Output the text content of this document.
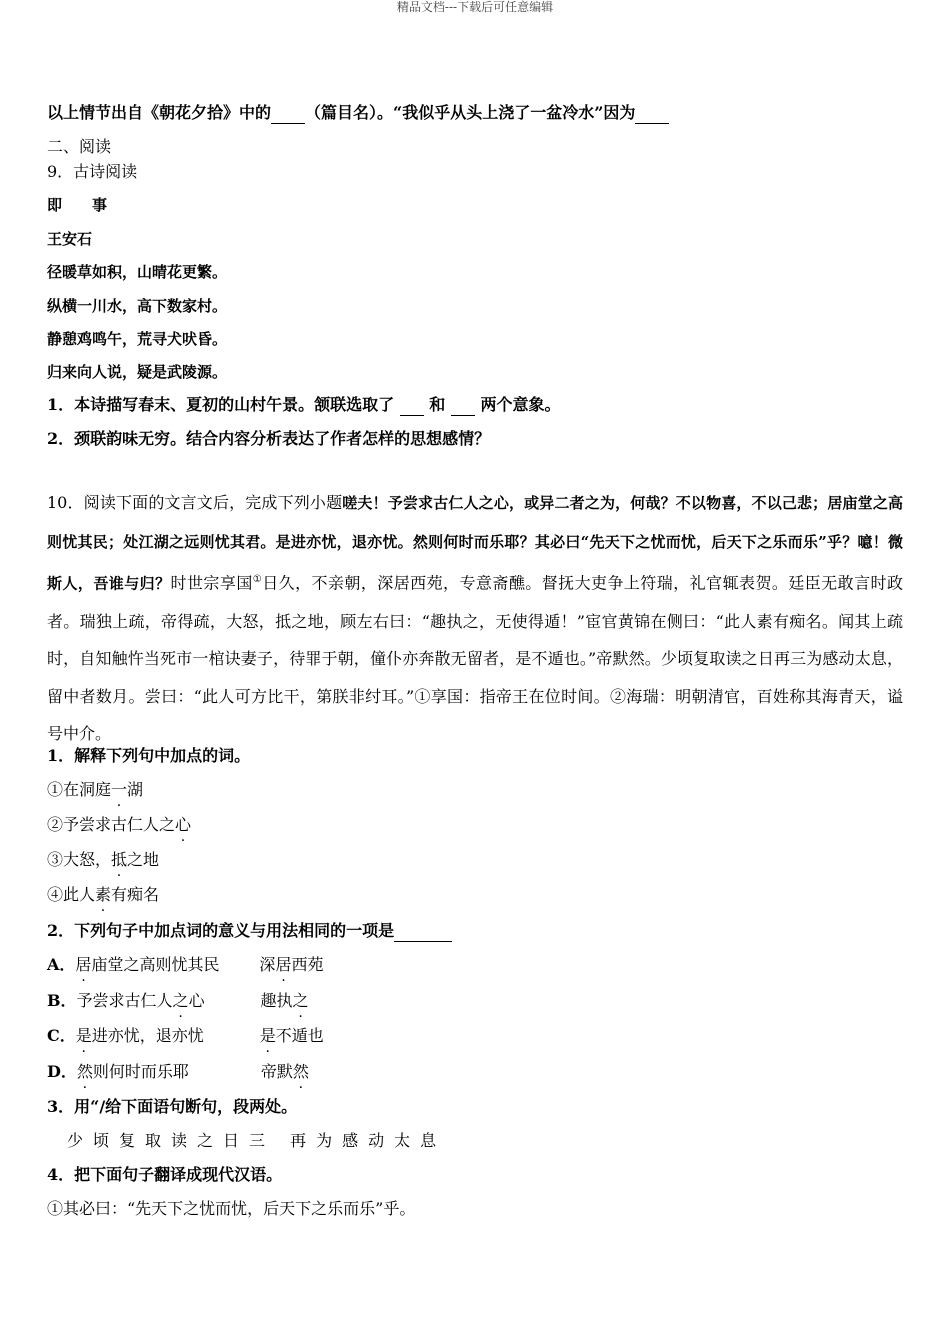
精品文档---下载后可任意编辑
以上情节出自《朝花夕拾》中的 （篇目名）。“我似乎从头上浇了一盆冷水”因为
二、阅读
9．古诗阅读
即　　事
王安石
径暖草如积，山晴花更繁。
纵横一川水，高下数家村。
静憩鸡鸣午，荒寻犬吠昏。
归来向人说，疑是武陵源。
1．本诗描写春末、夏初的山村午景。颔联选取了   和   两个意象。
2．颈联韵味无穷。结合内容分析表达了作者怎样的思想感情？
10．阅读下面的文言文后，完成下列小题嗟夫！予尝求古仁人之心，或异二者之为，何哉？不以物喜，不以己悲；居庙堂之高则忧其民；处江湖之远则忧其君。是进亦忧，退亦忧。然则何时而乐耶？其必曰“先天下之忧而忧，后天下之乐而乐”乎？噫！微斯人，吾谁与归？时世宗享国①日久，不亲朝，深居西苑，专意斋醮。督抚大吏争上符瑞，礼官辄表贺。廷臣无敢言时政者。瑞独上疏，帝得疏，大怒，抵之地，顾左右曰：“趣执之，无使得遁！”宦官黄锦在侧曰：“此人素有痴名。闻其上疏时，自知触忤当死市一棺诀妻子，待罪于朝，僮仆亦奔散无留者，是不遁也。”帝默然。少顷复取读之日再三为感动太息，留中者数月。尝曰：“此人可方比干，第朕非纣耳。”①享国：指帝王在位时间。②海瑞：明朝清官，百姓称其海青天，谥号中介。
1．解释下列句中加点的词。
①在洞庭一湖
②予尝求古仁人之心
③大怒，抵之地
④此人素有痴名
2．下列句子中加点词的意义与用法相同的一项是
A．居庙堂之高则忧其民 深居西苑
B．予尝求古仁人之心	趣执之
C．是进亦忧，退亦忧	是不遁也
D．然则何时而乐耶	帝默然
3．用“/给下面语句断句，段两处。
少顷复取读之日三 再为感动太息
4．把下面句子翻译成现代汉语。
①其必曰：“先天下之忧而忧，后天下之乐而乐”乎。
